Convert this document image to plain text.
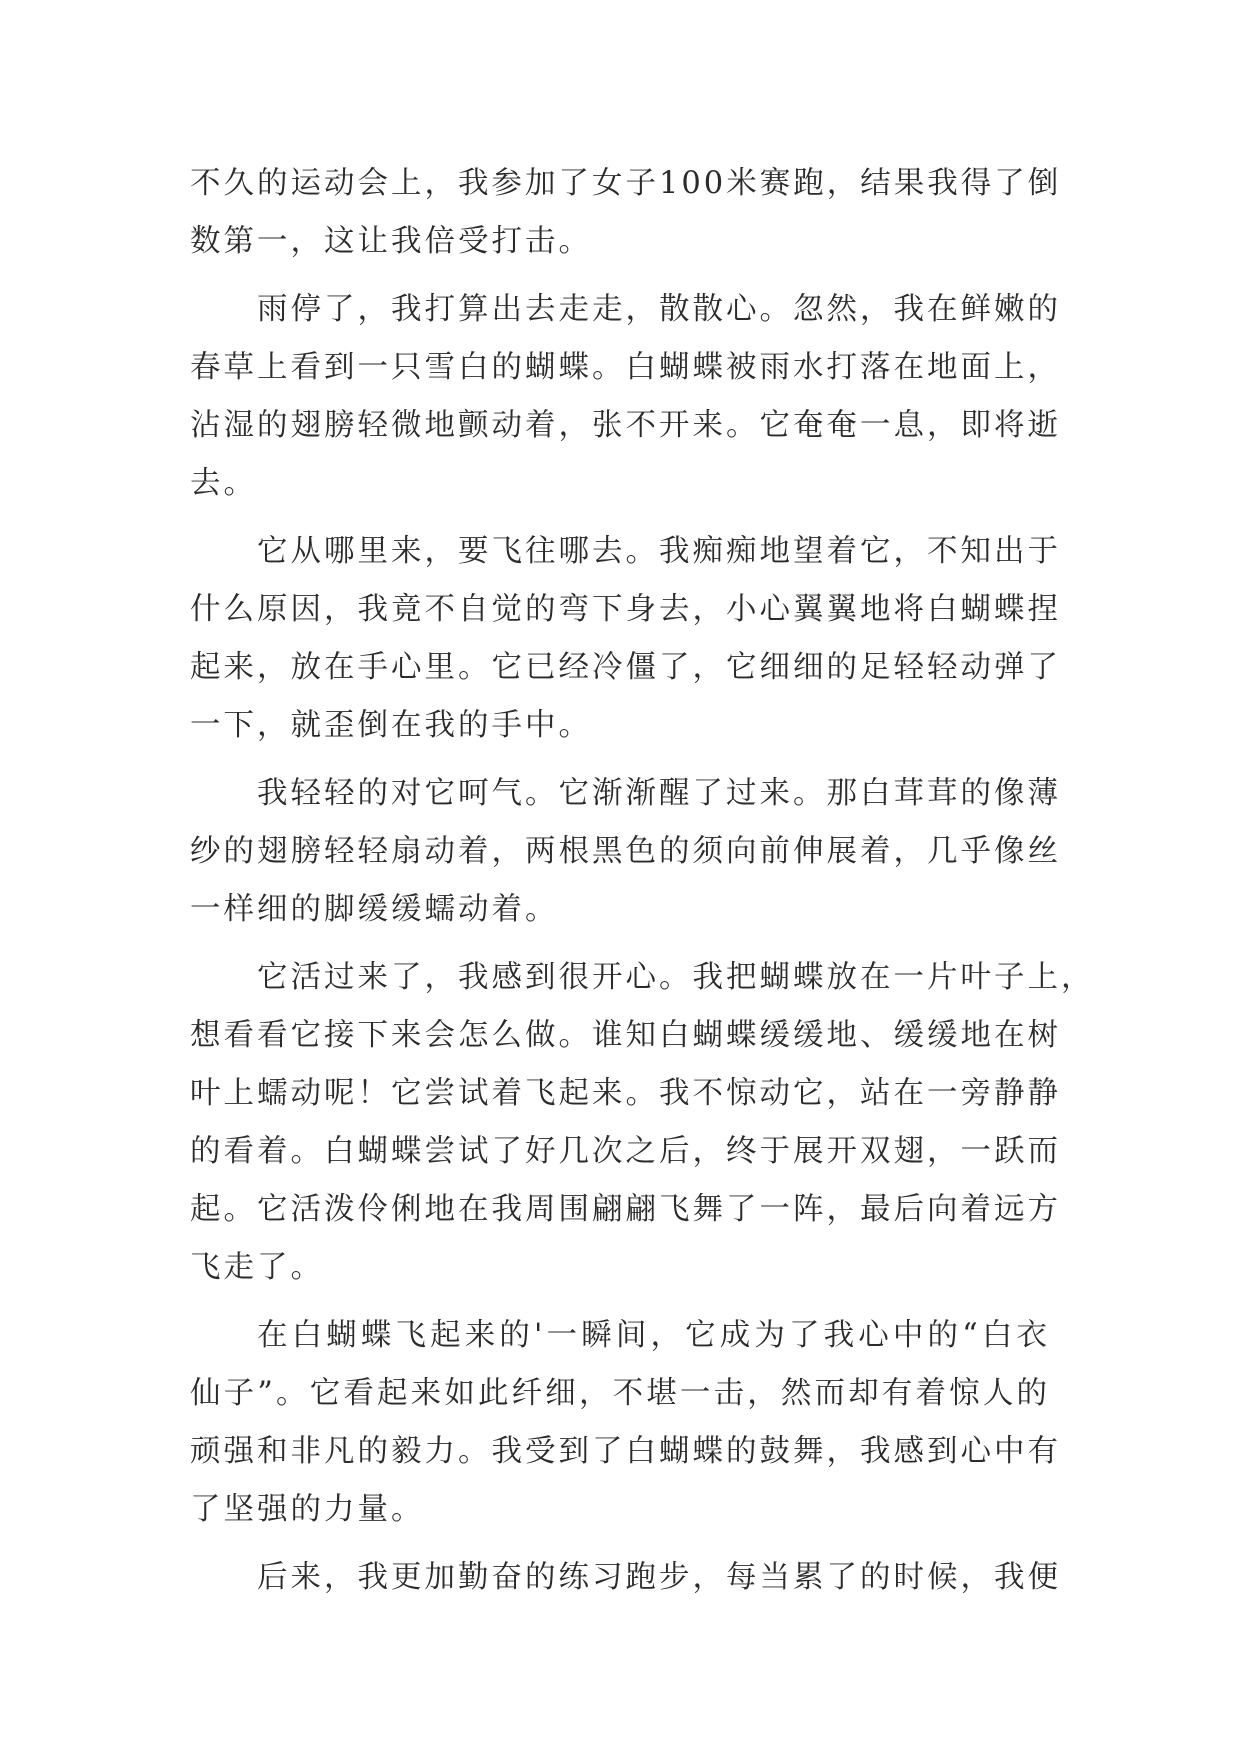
不久的运动会上，我参加了女子100米赛跑，结果我得了倒
数第一，这让我倍受打击。
雨停了，我打算出去走走，散散心。忽然，我在鲜嫩的
春草上看到一只雪白的蝴蝶。白蝴蝶被雨水打落在地面上，
沾湿的翅膀轻微地颤动着，张不开来。它奄奄一息，即将逝
去。
它从哪里来，要飞往哪去。我痴痴地望着它，不知出于
什么原因，我竟不自觉的弯下身去，小心翼翼地将白蝴蝶捏
起来，放在手心里。它已经冷僵了，它细细的足轻轻动弹了
一下，就歪倒在我的手中。
我轻轻的对它呵气。它渐渐醒了过来。那白茸茸的像薄
纱的翅膀轻轻扇动着，两根黑色的须向前伸展着，几乎像丝
一样细的脚缓缓蠕动着。
它活过来了，我感到很开心。我把蝴蝶放在一片叶子上，
想看看它接下来会怎么做。谁知白蝴蝶缓缓地、缓缓地在树
叶上蠕动呢！它尝试着飞起来。我不惊动它，站在一旁静静
的看着。白蝴蝶尝试了好几次之后，终于展开双翅，一跃而
起。它活泼伶俐地在我周围翩翩飞舞了一阵，最后向着远方
飞走了。
在白蝴蝶飞起来的'一瞬间，它成为了我心中的“白衣
仙子”。它看起来如此纤细，不堪一击，然而却有着惊人的
顽强和非凡的毅力。我受到了白蝴蝶的鼓舞，我感到心中有
了坚强的力量。
后来，我更加勤奋的练习跑步，每当累了的时候，我便
